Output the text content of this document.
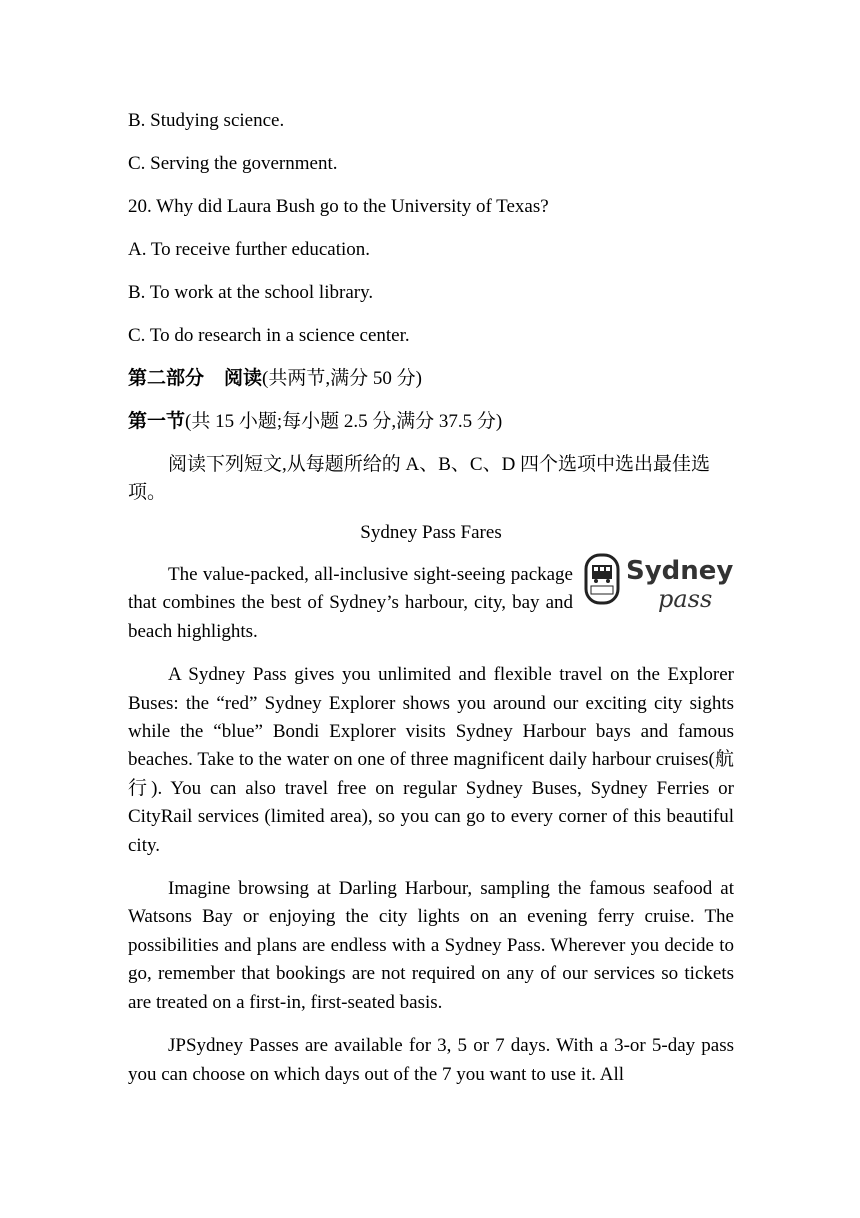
B. Studying science.
C. Serving the government.
20. Why did Laura Bush go to the University of Texas?
A. To receive further education.
B. To work at the school library.
C. To do research in a science center.
第二部分 阅读(共两节,满分 50 分)
第一节(共 15 小题;每小题 2.5 分,满分 37.5 分)
阅读下列短文,从每题所给的 A、B、C、D 四个选项中选出最佳选项。
Sydney Pass Fares
Sydney
pass

The value-packed, all-inclusive sight-seeing package that combines the best of Sydney’s harbour, city, bay and beach highlights.

A Sydney Pass gives you unlimited and flexible travel on the Explorer Buses: the “red” Sydney Explorer shows you around our exciting city sights while the “blue” Bondi Explorer visits Sydney Harbour bays and famous beaches. Take to the water on one of three magnificent daily harbour cruises(航行). You can also travel free on regular Sydney Buses, Sydney Ferries or CityRail services (limited area), so you can go to every corner of this beautiful city.

Imagine browsing at Darling Harbour, sampling the famous seafood at Watsons Bay or enjoying the city lights on an evening ferry cruise. The possibilities and plans are endless with a Sydney Pass. Wherever you decide to go, remember that bookings are not required on any of our services so tickets are treated on a first-in, first-seated basis.

JPSydney Passes are available for 3, 5 or 7 days. With a 3-or 5-day pass you can choose on which days out of the 7 you want to use it. All
